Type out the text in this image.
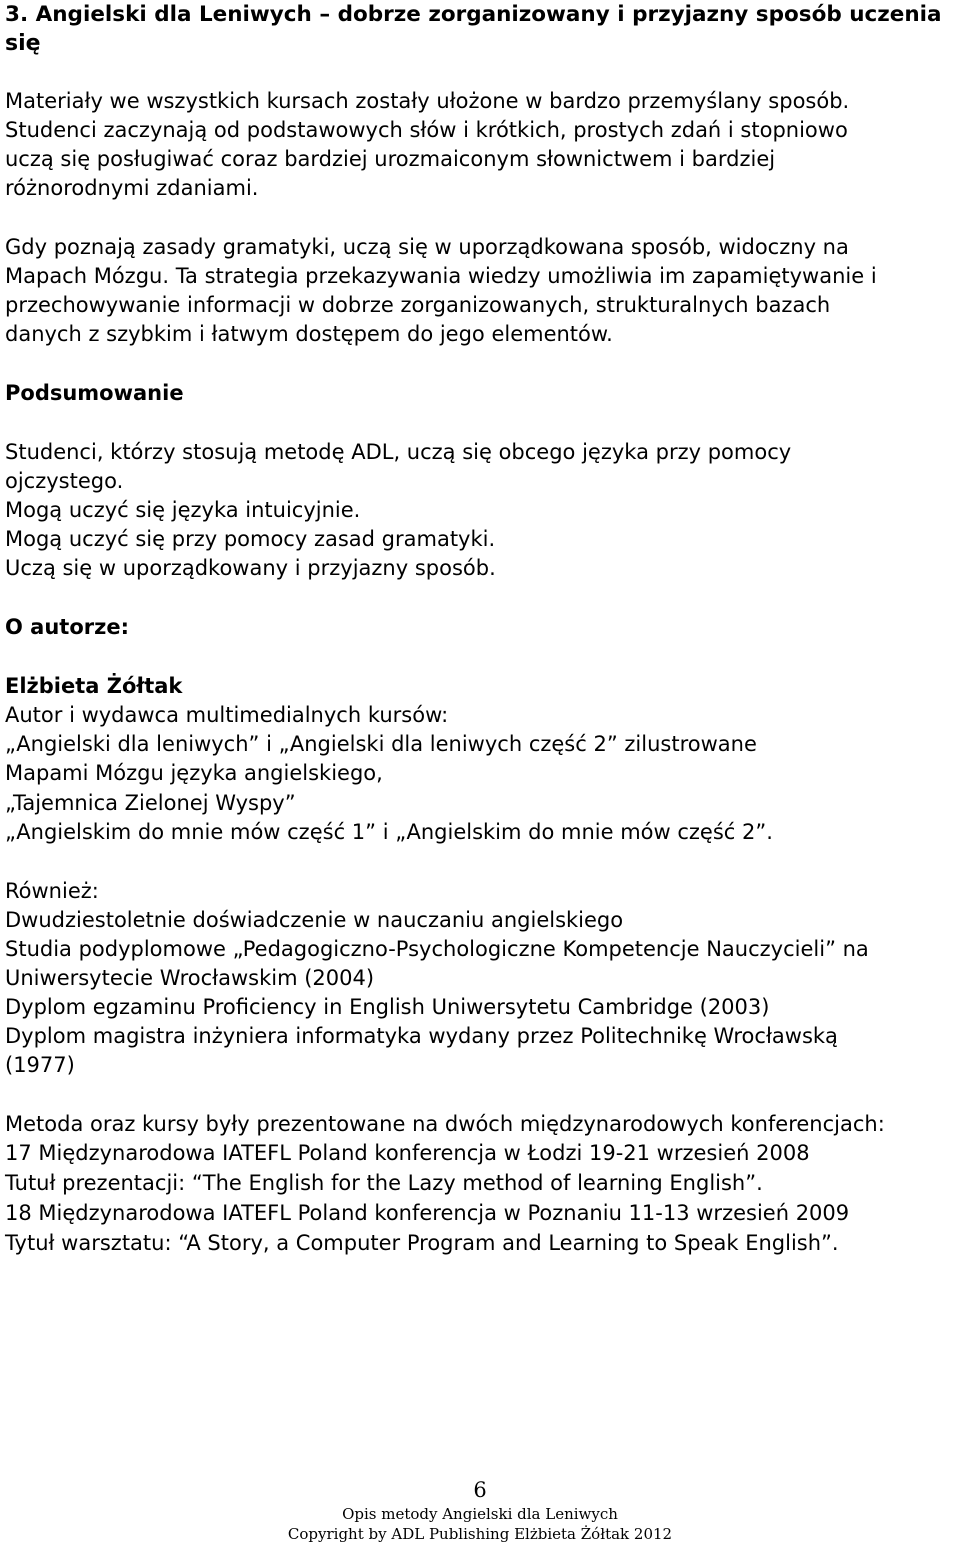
3. Angielski dla Leniwych – dobrze zorganizowany i przyjazny sposób uczenia
się
Materiały we wszystkich kursach zostały ułożone w bardzo przemyślany sposób.
Studenci zaczynają od podstawowych słów i krótkich, prostych zdań i stopniowo
uczą się posługiwać coraz bardziej urozmaiconym słownictwem i bardziej
różnorodnymi zdaniami.
Gdy poznają zasady gramatyki, uczą się w uporządkowana sposób, widoczny na
Mapach Mózgu. Ta strategia przekazywania wiedzy umożliwia im zapamiętywanie i
przechowywanie informacji w dobrze zorganizowanych, strukturalnych bazach
danych z szybkim i łatwym dostępem do jego elementów.
Podsumowanie
Studenci, którzy stosują metodę ADL, uczą się obcego języka przy pomocy
ojczystego.
Mogą uczyć się języka intuicyjnie.
Mogą uczyć się przy pomocy zasad gramatyki.
Uczą się w uporządkowany i przyjazny sposób.
O autorze:
Elżbieta Żółtak
Autor i wydawca multimedialnych kursów:
„Angielski dla leniwych” i „Angielski dla leniwych część 2” zilustrowane
Mapami Mózgu języka angielskiego,
„Tajemnica Zielonej Wyspy”
„Angielskim do mnie mów część 1” i „Angielskim do mnie mów część 2”.
Również:
Dwudziestoletnie doświadczenie w nauczaniu angielskiego
Studia podyplomowe „Pedagogiczno-Psychologiczne Kompetencje Nauczycieli” na
Uniwersytecie Wrocławskim (2004)
Dyplom egzaminu Proficiency in English Uniwersytetu Cambridge (2003)
Dyplom magistra inżyniera informatyka wydany przez Politechnikę Wrocławską
(1977)
Metoda oraz kursy były prezentowane na dwóch międzynarodowych konferencjach:
17 Międzynarodowa IATEFL Poland konferencja w Łodzi 19-21 wrzesień 2008
Tutuł prezentacji: “The English for the Lazy method of learning English”.
18 Międzynarodowa IATEFL Poland konferencja w Poznaniu 11-13 wrzesień 2009
Tytuł warsztatu: “A Story, a Computer Program and Learning to Speak English”.
6
Opis metody Angielski dla Leniwych
Copyright by ADL Publishing Elżbieta Żółtak 2012
